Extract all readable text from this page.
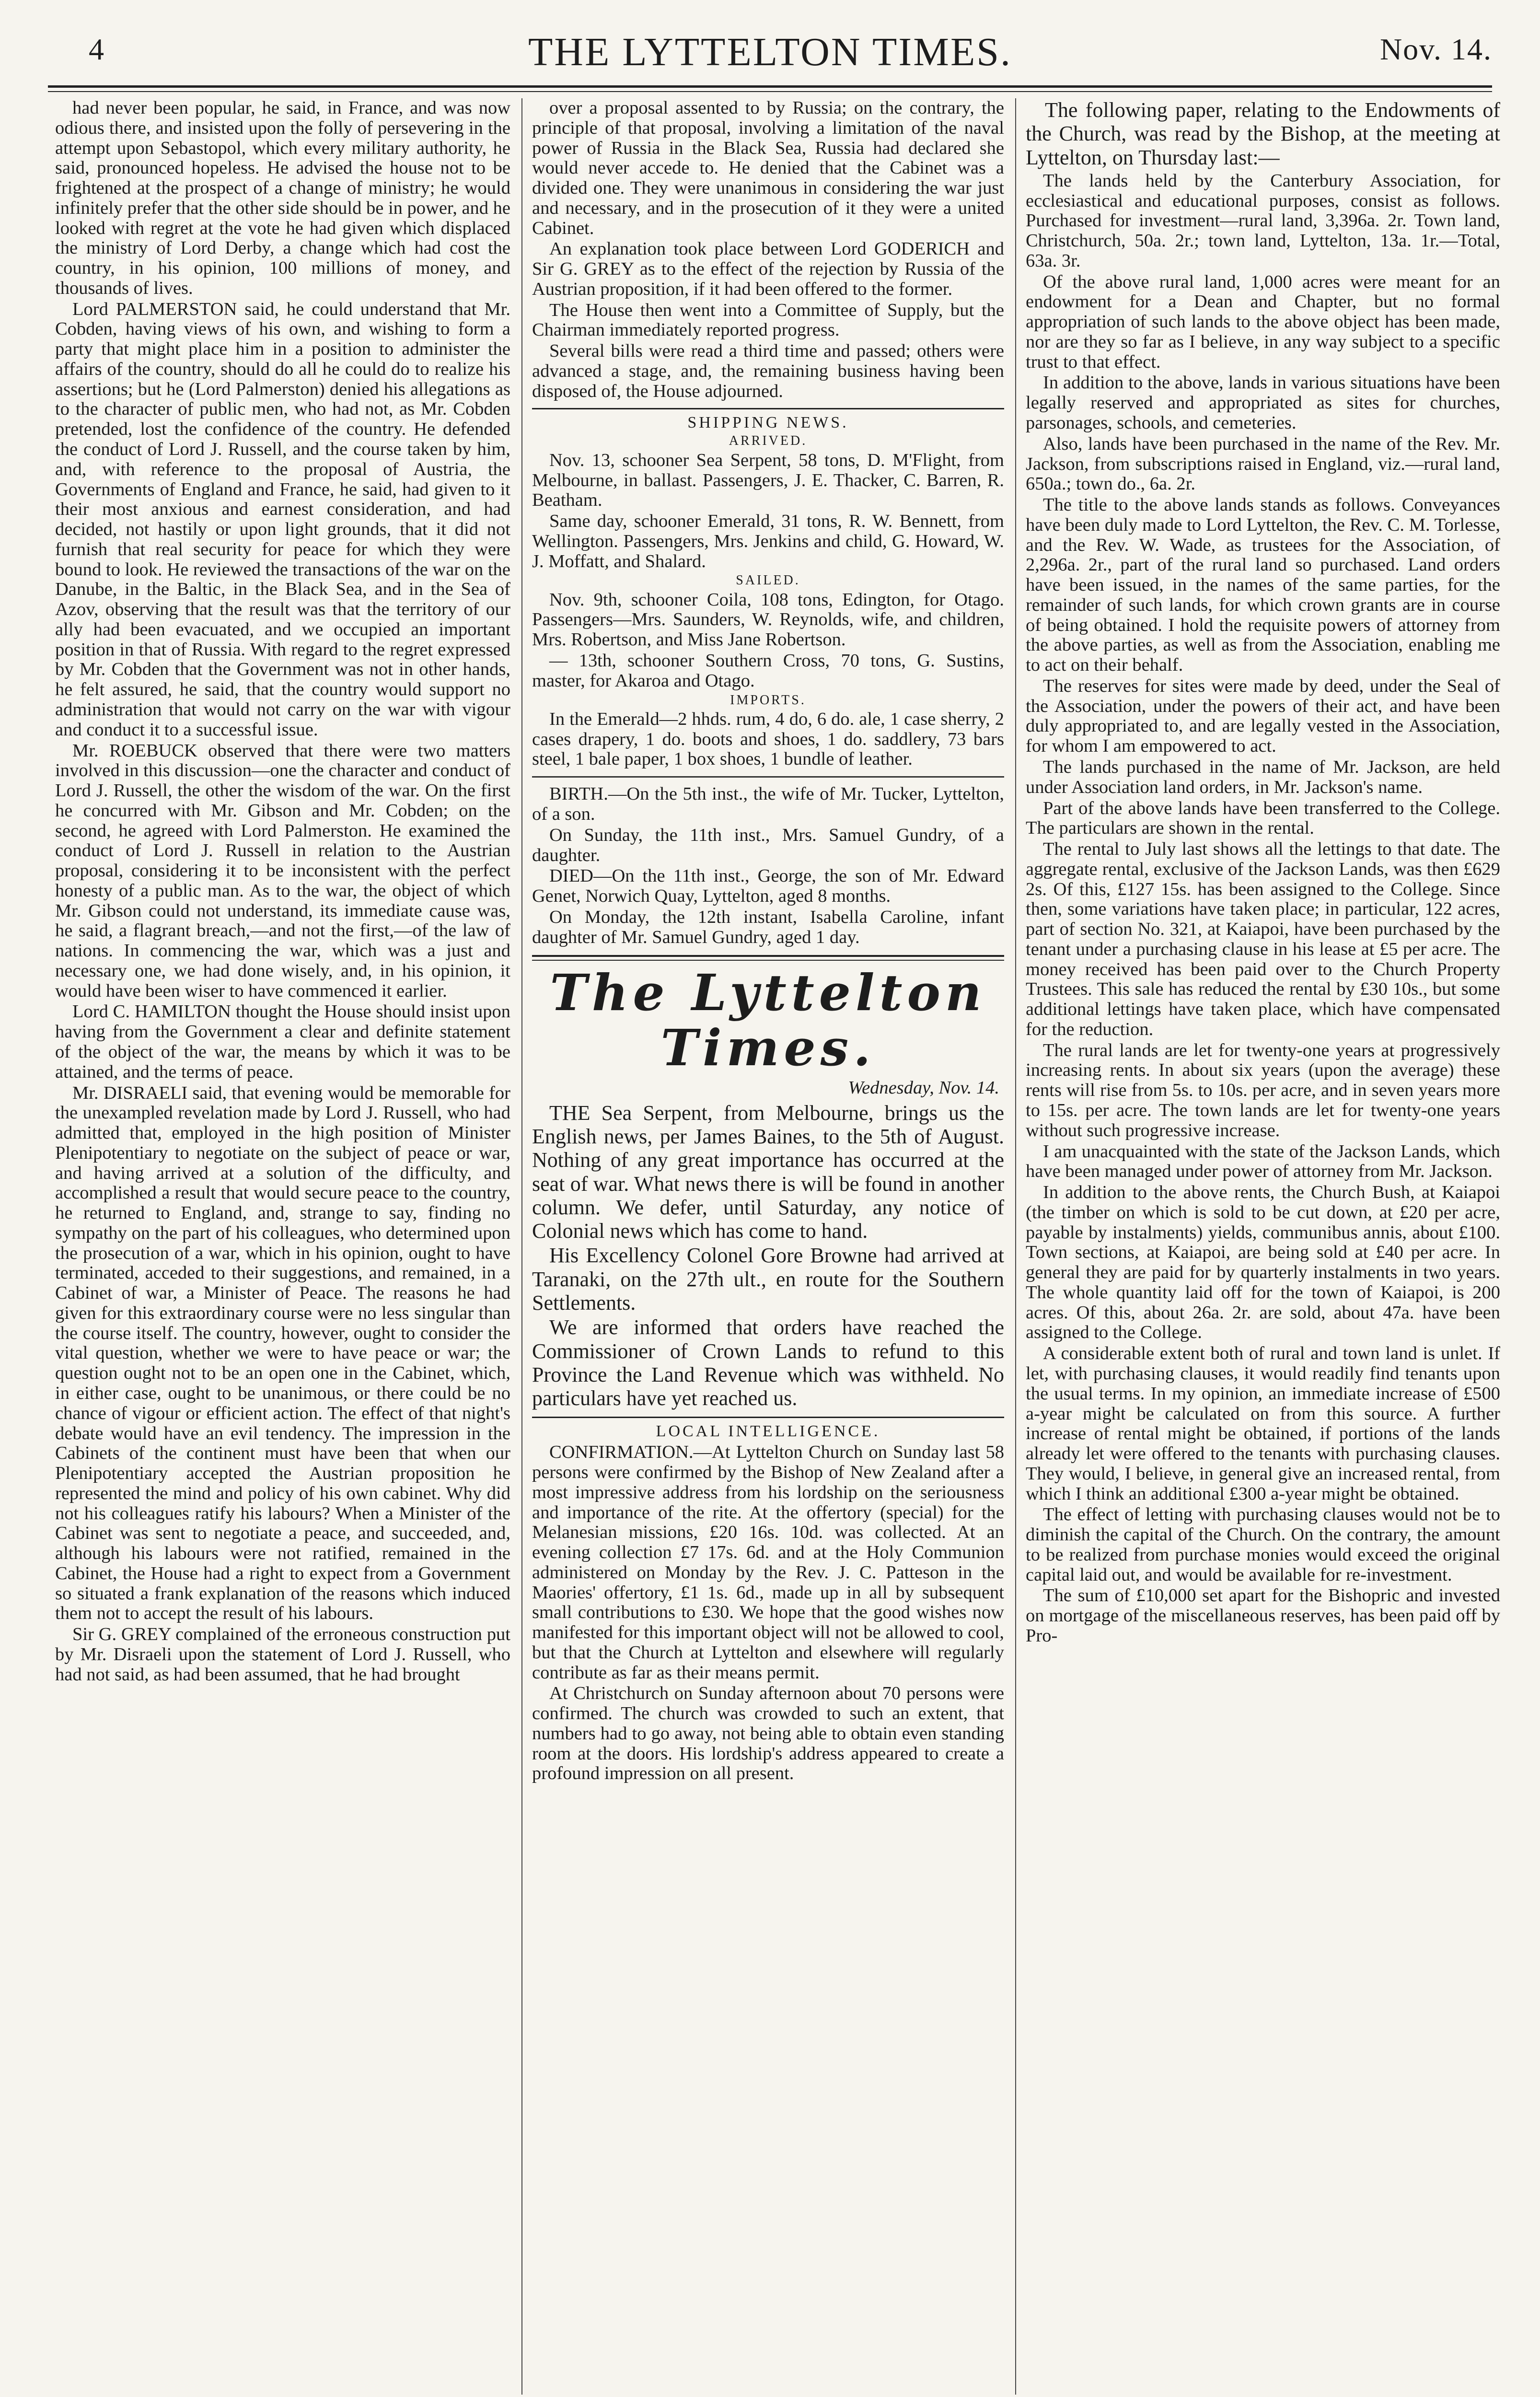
4	THE LYTTELTON TIMES.	Nov. 14.

had never been popular, he said, in France, and was now odious there, and insisted upon the folly of persevering in the attempt upon Sebastopol, which every military authority, he said, pronounced hopeless. He advised the house not to be frightened at the prospect of a change of ministry; he would infinitely prefer that the other side should be in power, and he looked with regret at the vote he had given which displaced the ministry of Lord Derby, a change which had cost the country, in his opinion, 100 millions of money, and thousands of lives.

Lord PALMERSTON said, he could understand that Mr. Cobden, having views of his own, and wishing to form a party that might place him in a position to administer the affairs of the country, should do all he could do to realize his assertions; but he (Lord Palmerston) denied his allegations as to the character of public men, who had not, as Mr. Cobden pretended, lost the confidence of the country. He defended the conduct of Lord J. Russell, and the course taken by him, and, with reference to the proposal of Austria, the Governments of England and France, he said, had given to it their most anxious and earnest consideration, and had decided, not hastily or upon light grounds, that it did not furnish that real security for peace for which they were bound to look. He reviewed the transactions of the war on the Danube, in the Baltic, in the Black Sea, and in the Sea of Azov, observing that the result was that the territory of our ally had been evacuated, and we occupied an important position in that of Russia. With regard to the regret expressed by Mr. Cobden that the Government was not in other hands, he felt assured, he said, that the country would support no administration that would not carry on the war with vigour and conduct it to a successful issue.

Mr. ROEBUCK observed that there were two matters involved in this discussion—one the character and conduct of Lord J. Russell, the other the wisdom of the war. On the first he concurred with Mr. Gibson and Mr. Cobden; on the second, he agreed with Lord Palmerston. He examined the conduct of Lord J. Russell in relation to the Austrian proposal, considering it to be inconsistent with the perfect honesty of a public man. As to the war, the object of which Mr. Gibson could not understand, its immediate cause was, he said, a flagrant breach,—and not the first,—of the law of nations. In commencing the war, which was a just and necessary one, we had done wisely, and, in his opinion, it would have been wiser to have commenced it earlier.

Lord C. HAMILTON thought the House should insist upon having from the Government a clear and definite statement of the object of the war, the means by which it was to be attained, and the terms of peace.

Mr. DISRAELI said, that evening would be memorable for the unexampled revelation made by Lord J. Russell, who had admitted that, employed in the high position of Minister Plenipotentiary to negotiate on the subject of peace or war, and having arrived at a solution of the difficulty, and accomplished a result that would secure peace to the country, he returned to England, and, strange to say, finding no sympathy on the part of his colleagues, who determined upon the prosecution of a war, which in his opinion, ought to have terminated, acceded to their suggestions, and remained, in a Cabinet of war, a Minister of Peace. The reasons he had given for this extraordinary course were no less singular than the course itself. The country, however, ought to consider the vital question, whether we were to have peace or war; the question ought not to be an open one in the Cabinet, which, in either case, ought to be unanimous, or there could be no chance of vigour or efficient action. The effect of that night's debate would have an evil tendency. The impression in the Cabinets of the continent must have been that when our Plenipotentiary accepted the Austrian proposition he represented the mind and policy of his own cabinet. Why did not his colleagues ratify his labours? When a Minister of the Cabinet was sent to negotiate a peace, and succeeded, and, although his labours were not ratified, remained in the Cabinet, the House had a right to expect from a Government so situated a frank explanation of the reasons which induced them not to accept the result of his labours.

Sir G. GREY complained of the erroneous construction put by Mr. Disraeli upon the statement of Lord J. Russell, who had not said, as had been assumed, that he had brought

over a proposal assented to by Russia; on the contrary, the principle of that proposal, involving a limitation of the naval power of Russia in the Black Sea, Russia had declared she would never accede to. He denied that the Cabinet was a divided one. They were unanimous in considering the war just and necessary, and in the prosecution of it they were a united Cabinet.

An explanation took place between Lord GODERICH and Sir G. GREY as to the effect of the rejection by Russia of the Austrian proposition, if it had been offered to the former.

The House then went into a Committee of Supply, but the Chairman immediately reported progress.

Several bills were read a third time and passed; others were advanced a stage, and, the remaining business having been disposed of, the House adjourned.

SHIPPING NEWS.
ARRIVED.

Nov. 13, schooner Sea Serpent, 58 tons, D. M'Flight, from Melbourne, in ballast. Passengers, J. E. Thacker, C. Barren, R. Beatham.

Same day, schooner Emerald, 31 tons, R. W. Bennett, from Wellington. Passengers, Mrs. Jenkins and child, G. Howard, W. J. Moffatt, and Shalard.

SAILED.

Nov. 9th, schooner Coila, 108 tons, Edington, for Otago. Passengers—Mrs. Saunders, W. Reynolds, wife, and children, Mrs. Robertson, and Miss Jane Robertson.

— 13th, schooner Southern Cross, 70 tons, G. Sustins, master, for Akaroa and Otago.

IMPORTS.

In the Emerald—2 hhds. rum, 4 do, 6 do. ale, 1 case sherry, 2 cases drapery, 1 do. boots and shoes, 1 do. saddlery, 73 bars steel, 1 bale paper, 1 box shoes, 1 bundle of leather.

BIRTH.—On the 5th inst., the wife of Mr. Tucker, Lyttelton, of a son.

On Sunday, the 11th inst., Mrs. Samuel Gundry, of a daughter.

DIED—On the 11th inst., George, the son of Mr. Edward Genet, Norwich Quay, Lyttelton, aged 8 months.

On Monday, the 12th instant, Isabella Caroline, infant daughter of Mr. Samuel Gundry, aged 1 day.

The Lyttelton Times.
Wednesday, Nov. 14.

THE Sea Serpent, from Melbourne, brings us the English news, per James Baines, to the 5th of August. Nothing of any great importance has occurred at the seat of war. What news there is will be found in another column. We defer, until Saturday, any notice of Colonial news which has come to hand.

His Excellency Colonel Gore Browne had arrived at Taranaki, on the 27th ult., en route for the Southern Settlements.

We are informed that orders have reached the Commissioner of Crown Lands to refund to this Province the Land Revenue which was withheld. No particulars have yet reached us.

LOCAL INTELLIGENCE.

CONFIRMATION.—At Lyttelton Church on Sunday last 58 persons were confirmed by the Bishop of New Zealand after a most impressive address from his lordship on the seriousness and importance of the rite. At the offertory (special) for the Melanesian missions, £20 16s. 10d. was collected. At an evening collection £7 17s. 6d. and at the Holy Communion administered on Monday by the Rev. J. C. Patteson in the Maories' offertory, £1 1s. 6d., made up in all by subsequent small contributions to £30. We hope that the good wishes now manifested for this important object will not be allowed to cool, but that the Church at Lyttelton and elsewhere will regularly contribute as far as their means permit.

At Christchurch on Sunday afternoon about 70 persons were confirmed. The church was crowded to such an extent, that numbers had to go away, not being able to obtain even standing room at the doors. His lordship's address appeared to create a profound impression on all present.

The following paper, relating to the Endowments of the Church, was read by the Bishop, at the meeting at Lyttelton, on Thursday last:—

The lands held by the Canterbury Association, for ecclesiastical and educational purposes, consist as follows. Purchased for investment—rural land, 3,396a. 2r. Town land, Christchurch, 50a. 2r.; town land, Lyttelton, 13a. 1r.—Total, 63a. 3r.

Of the above rural land, 1,000 acres were meant for an endowment for a Dean and Chapter, but no formal appropriation of such lands to the above object has been made, nor are they so far as I believe, in any way subject to a specific trust to that effect.

In addition to the above, lands in various situations have been legally reserved and appropriated as sites for churches, parsonages, schools, and cemeteries.

Also, lands have been purchased in the name of the Rev. Mr. Jackson, from subscriptions raised in England, viz.—rural land, 650a.; town do., 6a. 2r.

The title to the above lands stands as follows. Conveyances have been duly made to Lord Lyttelton, the Rev. C. M. Torlesse, and the Rev. W. Wade, as trustees for the Association, of 2,296a. 2r., part of the rural land so purchased. Land orders have been issued, in the names of the same parties, for the remainder of such lands, for which crown grants are in course of being obtained. I hold the requisite powers of attorney from the above parties, as well as from the Association, enabling me to act on their behalf.

The reserves for sites were made by deed, under the Seal of the Association, under the powers of their act, and have been duly appropriated to, and are legally vested in the Association, for whom I am empowered to act.

The lands purchased in the name of Mr. Jackson, are held under Association land orders, in Mr. Jackson's name.

Part of the above lands have been transferred to the College. The particulars are shown in the rental.

The rental to July last shows all the lettings to that date. The aggregate rental, exclusive of the Jackson Lands, was then £629 2s. Of this, £127 15s. has been assigned to the College. Since then, some variations have taken place; in particular, 122 acres, part of section No. 321, at Kaiapoi, have been purchased by the tenant under a purchasing clause in his lease at £5 per acre. The money received has been paid over to the Church Property Trustees. This sale has reduced the rental by £30 10s., but some additional lettings have taken place, which have compensated for the reduction.

The rural lands are let for twenty-one years at progressively increasing rents. In about six years (upon the average) these rents will rise from 5s. to 10s. per acre, and in seven years more to 15s. per acre. The town lands are let for twenty-one years without such progressive increase.

I am unacquainted with the state of the Jackson Lands, which have been managed under power of attorney from Mr. Jackson.

In addition to the above rents, the Church Bush, at Kaiapoi (the timber on which is sold to be cut down, at £20 per acre, payable by instalments) yields, communibus annis, about £100. Town sections, at Kaiapoi, are being sold at £40 per acre. In general they are paid for by quarterly instalments in two years. The whole quantity laid off for the town of Kaiapoi, is 200 acres. Of this, about 26a. 2r. are sold, about 47a. have been assigned to the College.

A considerable extent both of rural and town land is unlet. If let, with purchasing clauses, it would readily find tenants upon the usual terms. In my opinion, an immediate increase of £500 a-year might be calculated on from this source. A further increase of rental might be obtained, if portions of the lands already let were offered to the tenants with purchasing clauses. They would, I believe, in general give an increased rental, from which I think an additional £300 a-year might be obtained.

The effect of letting with purchasing clauses would not be to diminish the capital of the Church. On the contrary, the amount to be realized from purchase monies would exceed the original capital laid out, and would be available for re-investment.

The sum of £10,000 set apart for the Bishopric and invested on mortgage of the miscellaneous reserves, has been paid off by Pro-
